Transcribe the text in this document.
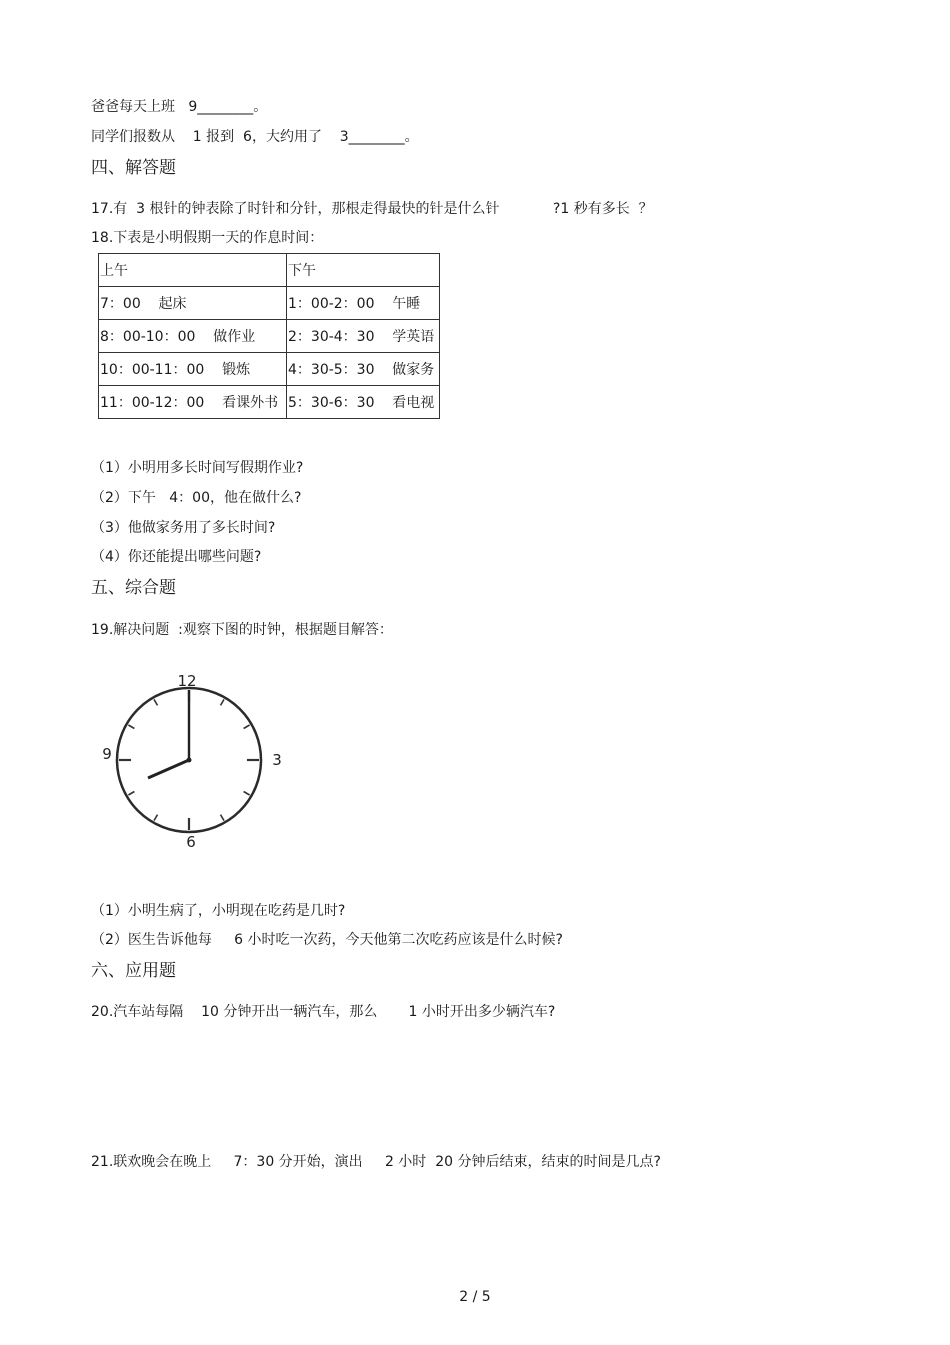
爸爸每天上班   9________。
同学们报数从    1 报到  6，大约用了    3________。
四、解答题
17.有  3 根针的钟表除了时针和分针，那根走得最快的针是什么针            ?1 秒有多长  ？
18.下表是小明假期一天的作息时间：
上午	下午
7：00    起床	1：00-2：00    午睡
8：00-10：00    做作业	2：30-4：30    学英语
10：00-11：00    锻炼	4：30-5：30    做家务
11：00-12：00    看课外书	5：30-6：30    看电视
（1）小明用多长时间写假期作业?
（2）下午   4：00，他在做什么?
（3）他做家务用了多长时间?
（4）你还能提出哪些问题?
五、综合题
19.解决问题  :观察下图的时钟，根据题目解答：
12
3
6
9
（1）小明生病了，小明现在吃药是几时?
（2）医生告诉他每     6 小时吃一次药，今天他第二次吃药应该是什么时候?
六、应用题
20.汽车站每隔    10 分钟开出一辆汽车，那么       1 小时开出多少辆汽车?
21.联欢晚会在晚上     7：30 分开始，演出     2 小时  20 分钟后结束，结束的时间是几点?
2 / 5
